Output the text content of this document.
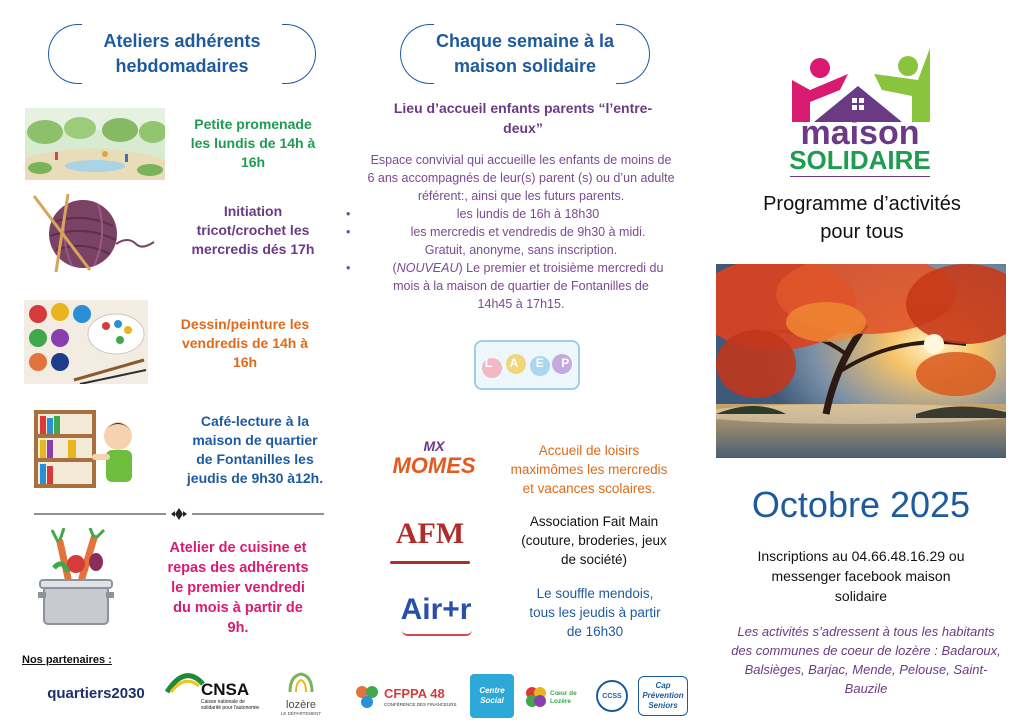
Ateliers adhérents
hebdomadaires
Petite promenade
les lundis de 14h à
16h
Initiation
tricot/crochet les
mercredis dés 17h
Dessin/peinture les
vendredis de 14h à
16h
Café-lecture à la
maison de quartier
de Fontanilles les
jeudis de 9h30 à12h.
Atelier de cuisine et
repas des adhérents
le premier vendredi
du mois à partir de
9h.
Nos partenaires :
quartiers2030	CNSA
Caisse nationale de
solidarité pour l'autonomie	lozère
LE DÉPARTEMENT
Chaque semaine à la
maison solidaire
Lieu d’accueil enfants parents “l’entre-
deux”
Espace convivial qui accueille les enfants de moins de
6 ans accompagnés de leur(s) parent (s) ou d’un adulte
référent:, ainsi que les futurs parents.
• les lundis de 16h à 18h30
• les mercredis et vendredis de 9h30 à midi.
Gratuit, anonyme, sans inscription.
• (NOUVEAU) Le premier et troisième mercredi du
mois à la maison de quartier de Fontanilles de
14h45 à 17h15.
L A E P
MX
MOMES
Accueil de loisirs
maximômes les mercredis
et vacances scolaires.
AFM	Association Fait Main
(couture, broderies, jeux
de société)
Air+r	Le souffle mendois,
tous les jeudis à partir
de 16h30
CFPPA 48
CONFÉRENCE DES FINANCEURS
Centre Social
Cœur de Lozère
CCSS
Cap Prévention Seniors
maison
SOLIDAIRE
Programme d’activités
pour tous
Octobre 2025
Inscriptions au 04.66.48.16.29 ou
messenger facebook maison
solidaire
Les activités s’adressent à tous les habitants
des communes de coeur de lozère : Badaroux,
Balsièges, Barjac, Mende, Pelouse, Saint-
Bauzile
